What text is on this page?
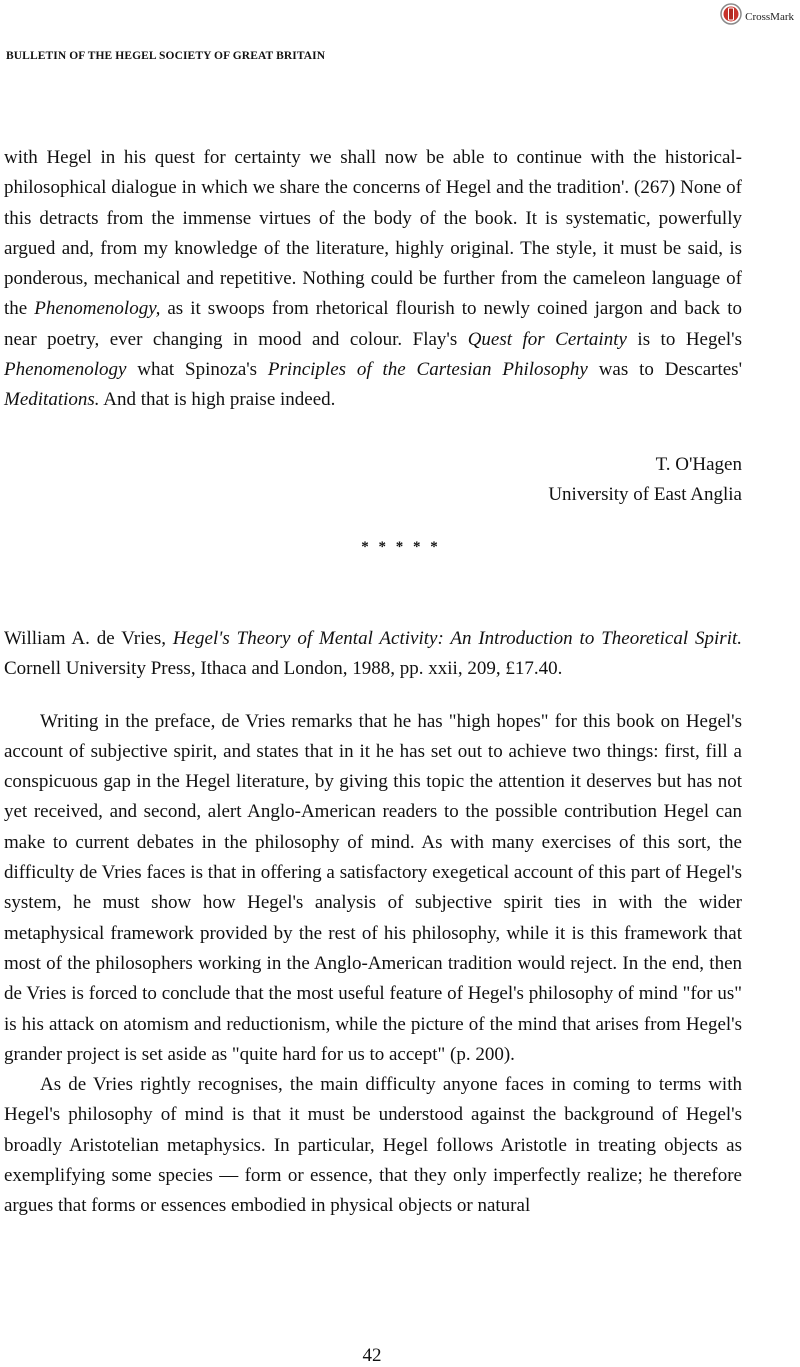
CrossMark
BULLETIN OF THE HEGEL SOCIETY OF GREAT BRITAIN

with Hegel in his quest for certainty we shall now be able to continue with the historical-philosophical dialogue in which we share the concerns of Hegel and the tradition'. (267) None of this detracts from the immense virtues of the body of the book. It is systematic, powerfully argued and, from my knowledge of the literature, highly original. The style, it must be said, is ponderous, mechanical and repetitive. Nothing could be further from the cameleon language of the Phenomenology, as it swoops from rhetorical flourish to newly coined jargon and back to near poetry, ever changing in mood and colour. Flay's Quest for Certainty is to Hegel's Phenomenology what Spinoza's Principles of the Cartesian Philosophy was to Descartes' Meditations. And that is high praise indeed.

T. O'Hagen
University of East Anglia
* * * * *

William A. de Vries, Hegel's Theory of Mental Activity: An Introduction to Theoretical Spirit. Cornell University Press, Ithaca and London, 1988, pp. xxii, 209, £17.40.

Writing in the preface, de Vries remarks that he has "high hopes" for this book on Hegel's account of subjective spirit, and states that in it he has set out to achieve two things: first, fill a conspicuous gap in the Hegel literature, by giving this topic the attention it deserves but has not yet received, and second, alert Anglo-American readers to the possible contribution Hegel can make to current debates in the philosophy of mind. As with many exercises of this sort, the difficulty de Vries faces is that in offering a satisfactory exegetical account of this part of Hegel's system, he must show how Hegel's analysis of subjective spirit ties in with the wider metaphysical framework provided by the rest of his philosophy, while it is this framework that most of the philosophers working in the Anglo-American tradition would reject. In the end, then de Vries is forced to conclude that the most useful feature of Hegel's philosophy of mind "for us" is his attack on atomism and reductionism, while the picture of the mind that arises from Hegel's grander project is set aside as "quite hard for us to accept" (p. 200).

As de Vries rightly recognises, the main difficulty anyone faces in coming to terms with Hegel's philosophy of mind is that it must be understood against the background of Hegel's broadly Aristotelian metaphysics. In particular, Hegel follows Aristotle in treating objects as exemplifying some species — form or essence, that they only imperfectly realize; he therefore argues that forms or essences embodied in physical objects or natural

42
